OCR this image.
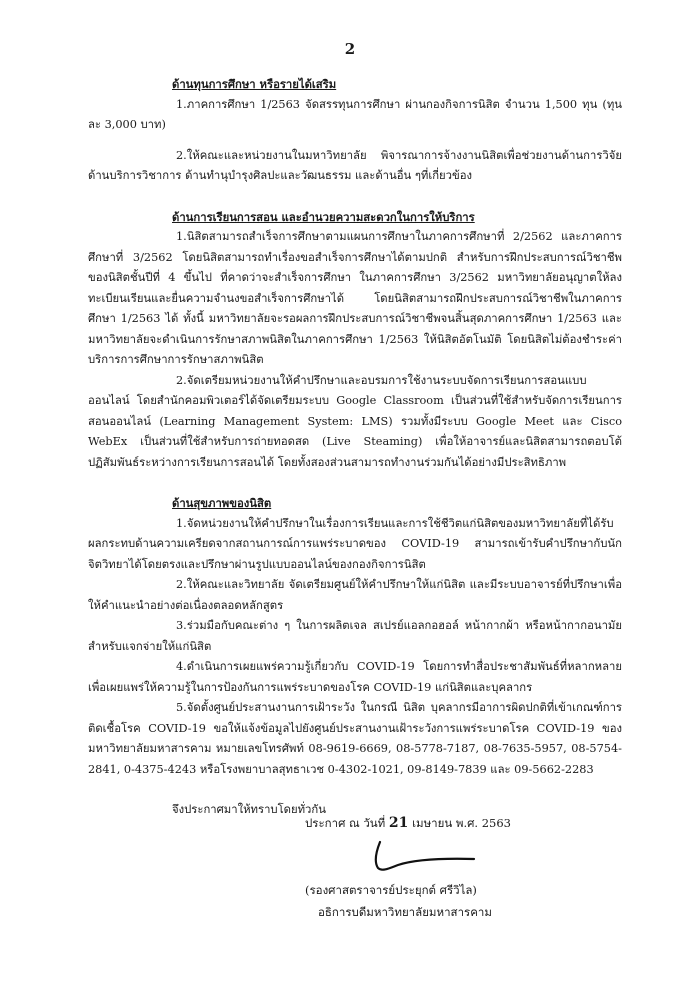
2

ด้านทุนการศึกษา หรือรายได้เสริม

1.ภาคการศึกษา 1/2563 จัดสรรทุนการศึกษา ผ่านกองกิจการนิสิต จำนวน 1,500 ทุน (ทุนละ 3,000 บาท)

2.ให้คณะและหน่วยงานในมหาวิทยาลัย พิจารณาการจ้างงานนิสิตเพื่อช่วยงานด้านการวิจัย ด้านบริการวิชาการ ด้านทำนุบำรุงศิลปะและวัฒนธรรม และด้านอื่น ๆที่เกี่ยวข้อง

ด้านการเรียนการสอน และอำนวยความสะดวกในการให้บริการ

1.นิสิตสามารถสำเร็จการศึกษาตามแผนการศึกษาในภาคการศึกษาที่ 2/2562 และภาคการศึกษาที่ 3/2562 โดยนิสิตสามารถทำเรื่องขอสำเร็จการศึกษาได้ตามปกติ สำหรับการฝึกประสบการณ์วิชาชีพของนิสิตชั้นปีที่ 4 ขึ้นไป ที่คาดว่าจะสำเร็จการศึกษา ในภาคการศึกษา 3/2562 มหาวิทยาลัยอนุญาตให้ลงทะเบียนเรียนและยื่นความจำนงขอสำเร็จการศึกษาได้ โดยนิสิตสามารถฝึกประสบการณ์วิชาชีพในภาคการศึกษา 1/2563 ได้ ทั้งนี้ มหาวิทยาลัยจะรอผลการฝึกประสบการณ์วิชาชีพจนสิ้นสุดภาคการศึกษา 1/2563 และมหาวิทยาลัยจะดำเนินการรักษาสภาพนิสิตในภาคการศึกษา 1/2563 ให้นิสิตอัตโนมัติ โดยนิสิตไม่ต้องชำระค่าบริการการศึกษาการรักษาสภาพนิสิต

2.จัดเตรียมหน่วยงานให้คำปรึกษาและอบรมการใช้งานระบบจัดการเรียนการสอนแบบออนไลน์ โดยสำนักคอมพิวเตอร์ได้จัดเตรียมระบบ Google Classroom เป็นส่วนที่ใช้สำหรับจัดการเรียนการสอนออนไลน์ (Learning Management System: LMS) รวมทั้งมีระบบ Google Meet และ Cisco WebEx เป็นส่วนที่ใช้สำหรับการถ่ายทอดสด (Live Steaming) เพื่อให้อาจารย์และนิสิตสามารถตอบโต้ปฏิสัมพันธ์ระหว่างการเรียนการสอนได้ โดยทั้งสองส่วนสามารถทำงานร่วมกันได้อย่างมีประสิทธิภาพ

ด้านสุขภาพของนิสิต

1.จัดหน่วยงานให้คำปรึกษาในเรื่องการเรียนและการใช้ชีวิตแก่นิสิตของมหาวิทยาลัยที่ได้รับผลกระทบด้านความเครียดจากสถานการณ์การแพร่ระบาดของ COVID-19 สามารถเข้ารับคำปรึกษากับนักจิตวิทยาได้โดยตรงและปรึกษาผ่านรูปแบบออนไลน์ของกองกิจการนิสิต

2.ให้คณะและวิทยาลัย จัดเตรียมศูนย์ให้คำปรึกษาให้แก่นิสิต และมีระบบอาจารย์ที่ปรึกษาเพื่อให้คำแนะนำอย่างต่อเนื่องตลอดหลักสูตร

3.ร่วมมือกับคณะต่าง ๆ ในการผลิตเจล สเปรย์แอลกอฮอล์ หน้ากากผ้า หรือหน้ากากอนามัย สำหรับแจกจ่ายให้แก่นิสิต

4.ดำเนินการเผยแพร่ความรู้เกี่ยวกับ COVID-19 โดยการทำสื่อประชาสัมพันธ์ที่หลากหลาย เพื่อเผยแพร่ให้ความรู้ในการป้องกันการแพร่ระบาดของโรค COVID-19 แก่นิสิตและบุคลากร

5.จัดตั้งศูนย์ประสานงานการเฝ้าระวัง ในกรณี นิสิต บุคลากรมีอาการผิดปกติที่เข้าเกณฑ์การติดเชื้อโรค COVID-19 ขอให้แจ้งข้อมูลไปยังศูนย์ประสานงานเฝ้าระวังการแพร่ระบาดโรค COVID-19 ของมหาวิทยาลัยมหาสารคาม หมายเลขโทรศัพท์ 08-9619-6669, 08-5778-7187, 08-7635-5957, 08-5754-2841, 0-4375-4243 หรือโรงพยาบาลสุทธาเวช 0-4302-1021, 09-8149-7839 และ 09-5662-2283

จึงประกาศมาให้ทราบโดยทั่วกัน

ประกาศ ณ วันที่ 21 เมษายน พ.ศ. 2563
(รองศาสตราจารย์ประยุกต์ ศรีวิไล)
อธิการบดีมหาวิทยาลัยมหาสารคาม
